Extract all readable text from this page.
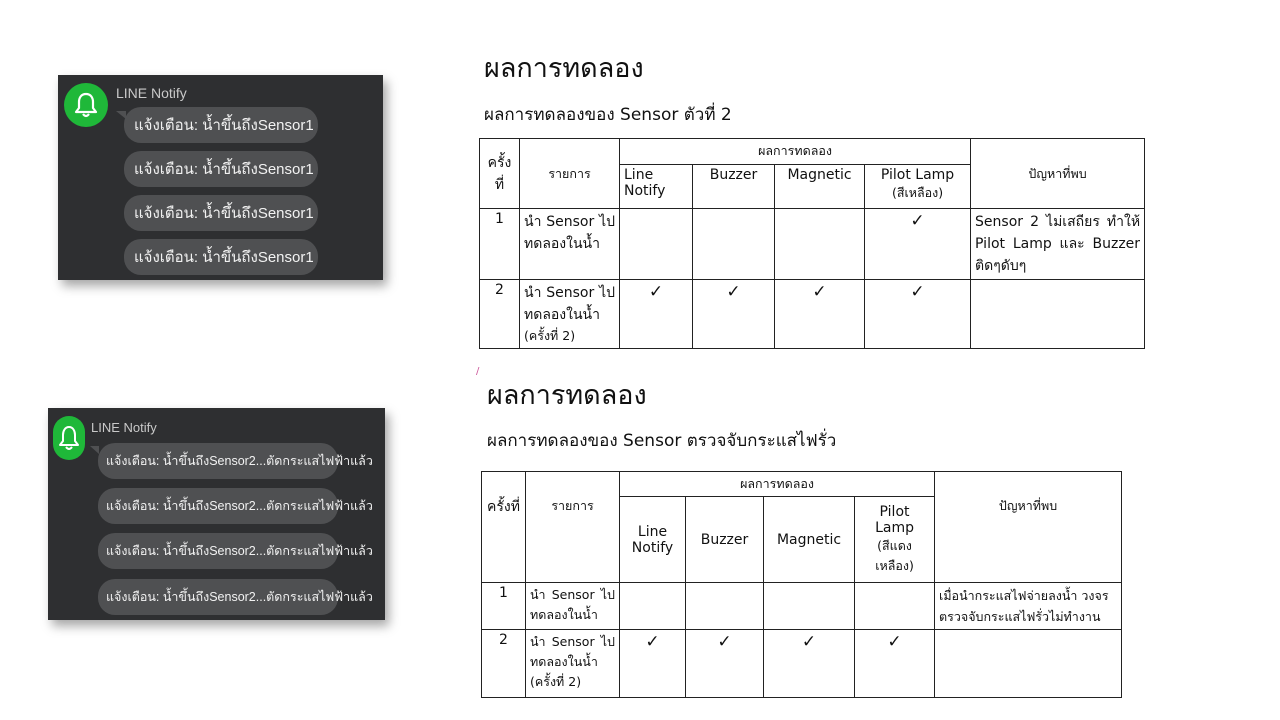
LINE Notify
แจ้งเตือน: น้ำขึ้นถึงSensor1
แจ้งเตือน: น้ำขึ้นถึงSensor1
แจ้งเตือน: น้ำขึ้นถึงSensor1
แจ้งเตือน: น้ำขึ้นถึงSensor1
LINE Notify
แจ้งเตือน: น้ำขึ้นถึงSensor2...ตัดกระแสไฟฟ้าแล้ว
แจ้งเตือน: น้ำขึ้นถึงSensor2...ตัดกระแสไฟฟ้าแล้ว
แจ้งเตือน: น้ำขึ้นถึงSensor2...ตัดกระแสไฟฟ้าแล้ว
แจ้งเตือน: น้ำขึ้นถึงSensor2...ตัดกระแสไฟฟ้าแล้ว
ผลการทดลอง
ผลการทดลองของ Sensor ตัวที่ 2
ครั้งที่	รายการ	ผลการทดลอง				ปัญหาที่พบ
		Line Notify	Buzzer	Magnetic	Pilot Lamp
(สีเหลือง)	

1	นำ Sensor ไปทดลองในน้ำ				✓	Sensor 2 ไม่เสถียร ทำให้ Pilot Lamp และ Buzzer ติดๆดับๆ
2	นำ Sensor ไปทดลองในน้ำ (ครั้งที่ 2)	✓	✓	✓	✓	
/
ผลการทดลอง
ผลการทดลองของ Sensor ตรวจจับกระแสไฟรั่ว
ครั้งที่	รายการ	ผลการทดลอง				ปัญหาที่พบ
		Line Notify	Buzzer	Magnetic	Pilot Lamp
(สีแดง เหลือง)	

1	นำ Sensor ไปทดลองในน้ำ					เมื่อนำกระแสไฟจ่ายลงน้ำ วงจรตรวจจับกระแสไฟรั่วไม่ทำงาน
2	นำ Sensor ไปทดลองในน้ำ (ครั้งที่ 2)	✓	✓	✓	✓	
